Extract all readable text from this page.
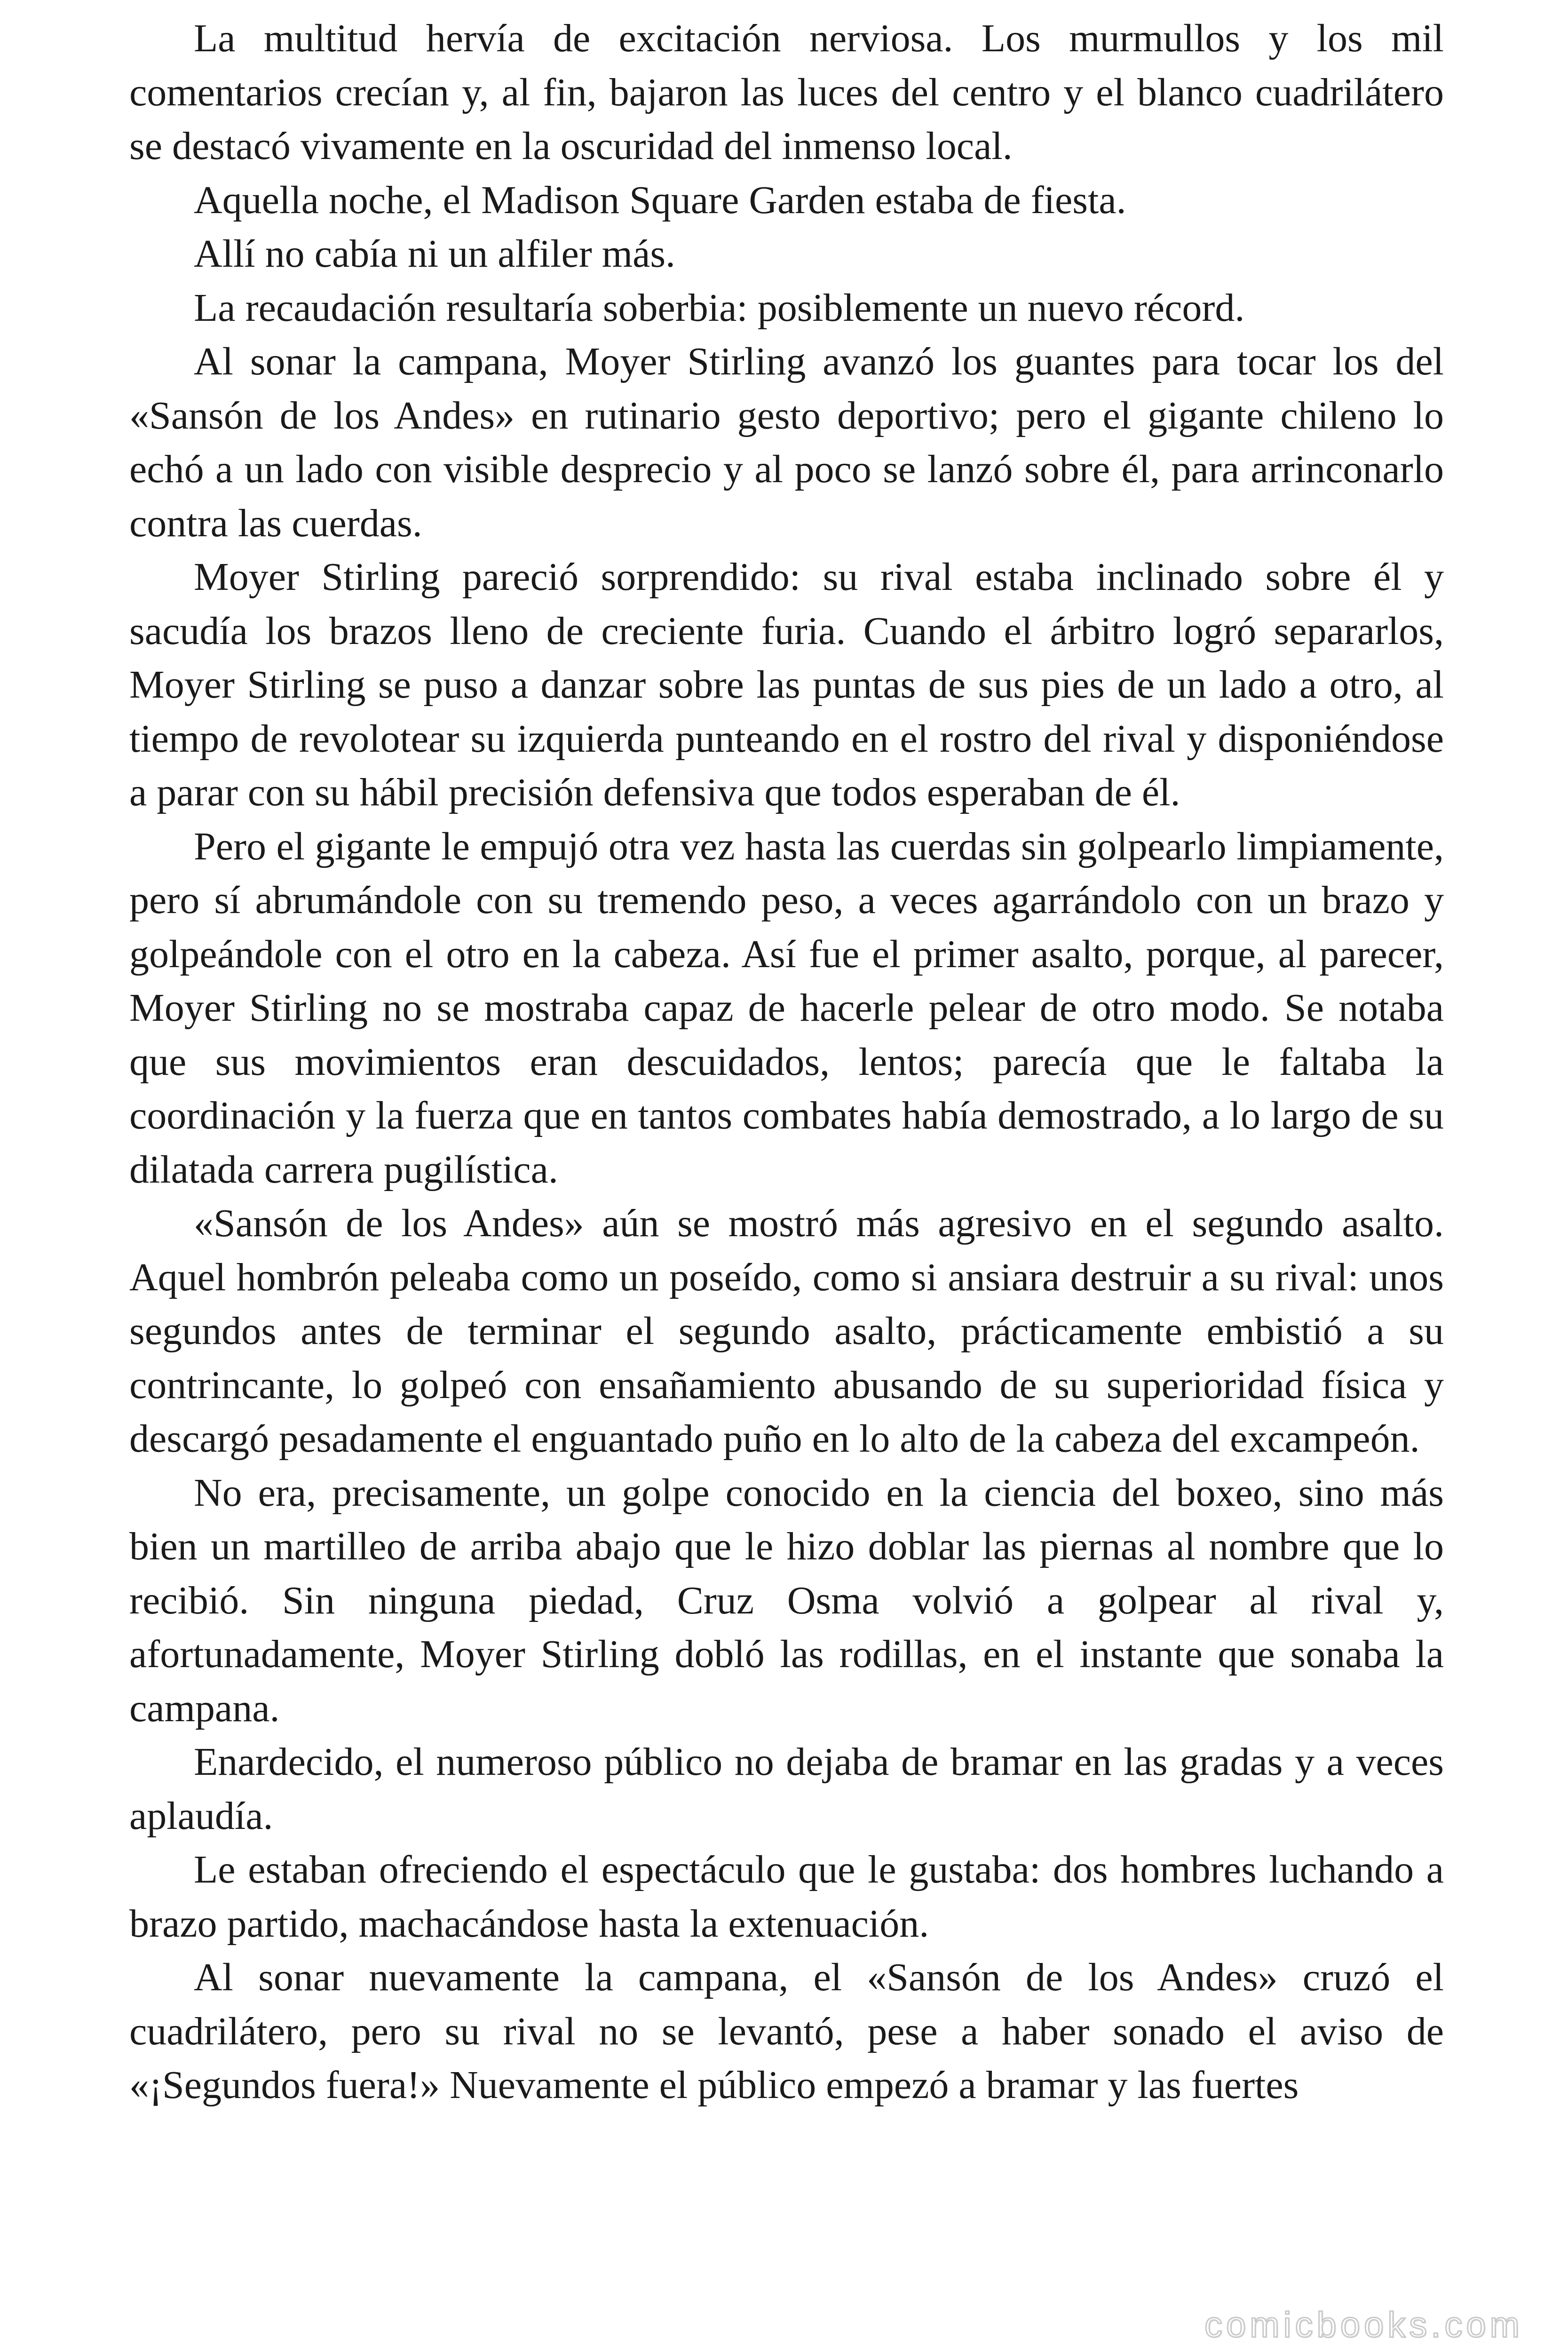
La multitud hervía de excitación nerviosa. Los murmullos y los mil comentarios crecían y, al fin, bajaron las luces del centro y el blanco cuadrilátero se destacó vivamente en la oscuridad del inmenso local.

Aquella noche, el Madison Square Garden estaba de fiesta.

Allí no cabía ni un alfiler más.

La recaudación resultaría soberbia: posiblemente un nuevo récord.

Al sonar la campana, Moyer Stirling avanzó los guantes para tocar los del «Sansón de los Andes» en rutinario gesto deportivo; pero el gigante chileno lo echó a un lado con visible desprecio y al poco se lanzó sobre él, para arrinconarlo contra las cuerdas.

Moyer Stirling pareció sorprendido: su rival estaba inclinado sobre él y sacudía los brazos lleno de creciente furia. Cuando el árbitro logró separarlos, Moyer Stirling se puso a danzar sobre las puntas de sus pies de un lado a otro, al tiempo de revolotear su izquierda punteando en el rostro del rival y disponiéndose a parar con su hábil precisión defensiva que todos esperaban de él.

Pero el gigante le empujó otra vez hasta las cuerdas sin golpearlo limpiamente, pero sí abrumándole con su tremendo peso, a veces agarrándolo con un brazo y golpeándole con el otro en la cabeza. Así fue el primer asalto, porque, al parecer, Moyer Stirling no se mostraba capaz de hacerle pelear de otro modo. Se notaba que sus movimientos eran descuidados, lentos; parecía que le faltaba la coordinación y la fuerza que en tantos combates había demostrado, a lo largo de su dilatada carrera pugilística.

«Sansón de los Andes» aún se mostró más agresivo en el segundo asalto. Aquel hombrón peleaba como un poseído, como si ansiara destruir a su rival: unos segundos antes de terminar el segundo asalto, prácticamente embistió a su contrincante, lo golpeó con ensañamiento abusando de su superioridad física y descargó pesadamente el enguantado puño en lo alto de la cabeza del excampeón.

No era, precisamente, un golpe conocido en la ciencia del boxeo, sino más bien un martilleo de arriba abajo que le hizo doblar las piernas al nombre que lo recibió. Sin ninguna piedad, Cruz Osma volvió a golpear al rival y, afortunadamente, Moyer Stirling dobló las rodillas, en el instante que sonaba la campana.

Enardecido, el numeroso público no dejaba de bramar en las gradas y a veces aplaudía.

Le estaban ofreciendo el espectáculo que le gustaba: dos hombres luchando a brazo partido, machacándose hasta la extenuación.

Al sonar nuevamente la campana, el «Sansón de los Andes» cruzó el cuadrilátero, pero su rival no se levantó, pese a haber sonado el aviso de «¡Segundos fuera!» Nuevamente el público empezó a bramar y las fuertes

comicbooks.com
